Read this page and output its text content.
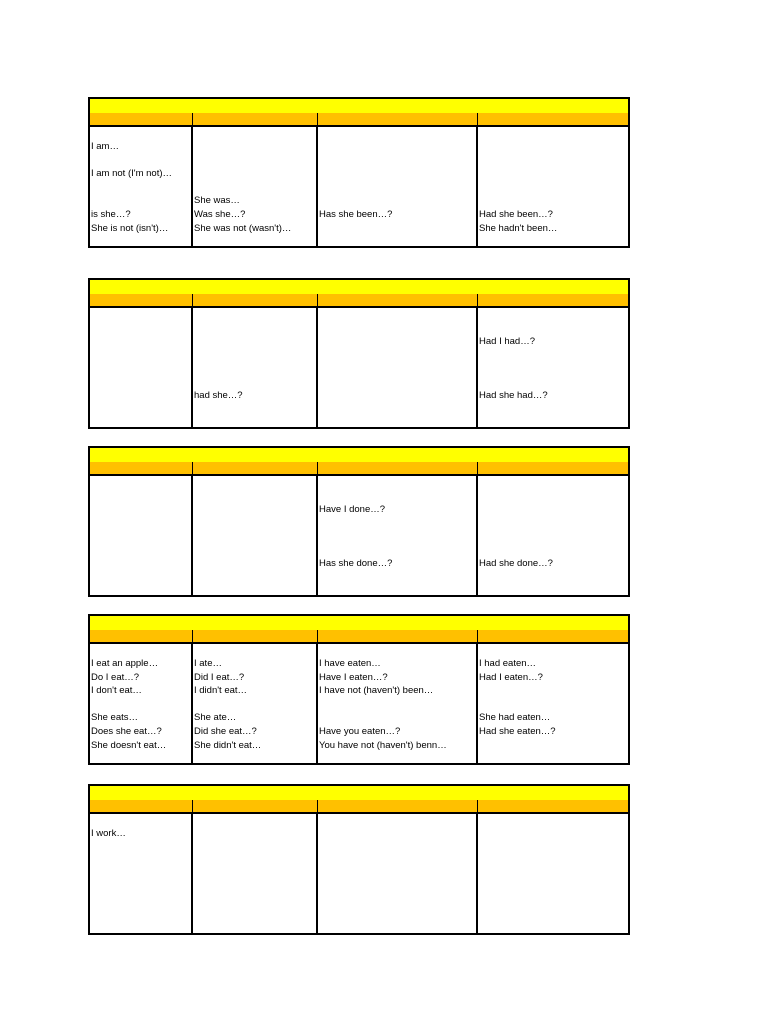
I am…
I am not (I'm not)…
is she…?
She is not (isn't)…
She was…
Was she…?
She was not (wasn't)…
Has she been…?	Had she been…?
She hadn't been…
had she…?
Had I had…?
Had she had…?
Have I done…?
Has she done…?	Had she done…?
I eat an apple…
Do I eat…?
I don't eat…
She eats…
Does she eat…?
She doesn't eat…
I ate…
Did I eat…?
I didn't eat…
She ate…
Did she eat…?
She didn't eat…
I have eaten…
Have I eaten…?
I have not (haven't) been…
Have you eaten…?
You have not (haven't) benn…
I had eaten…
Had I eaten…?
She had eaten…
Had she eaten…?
I work…
